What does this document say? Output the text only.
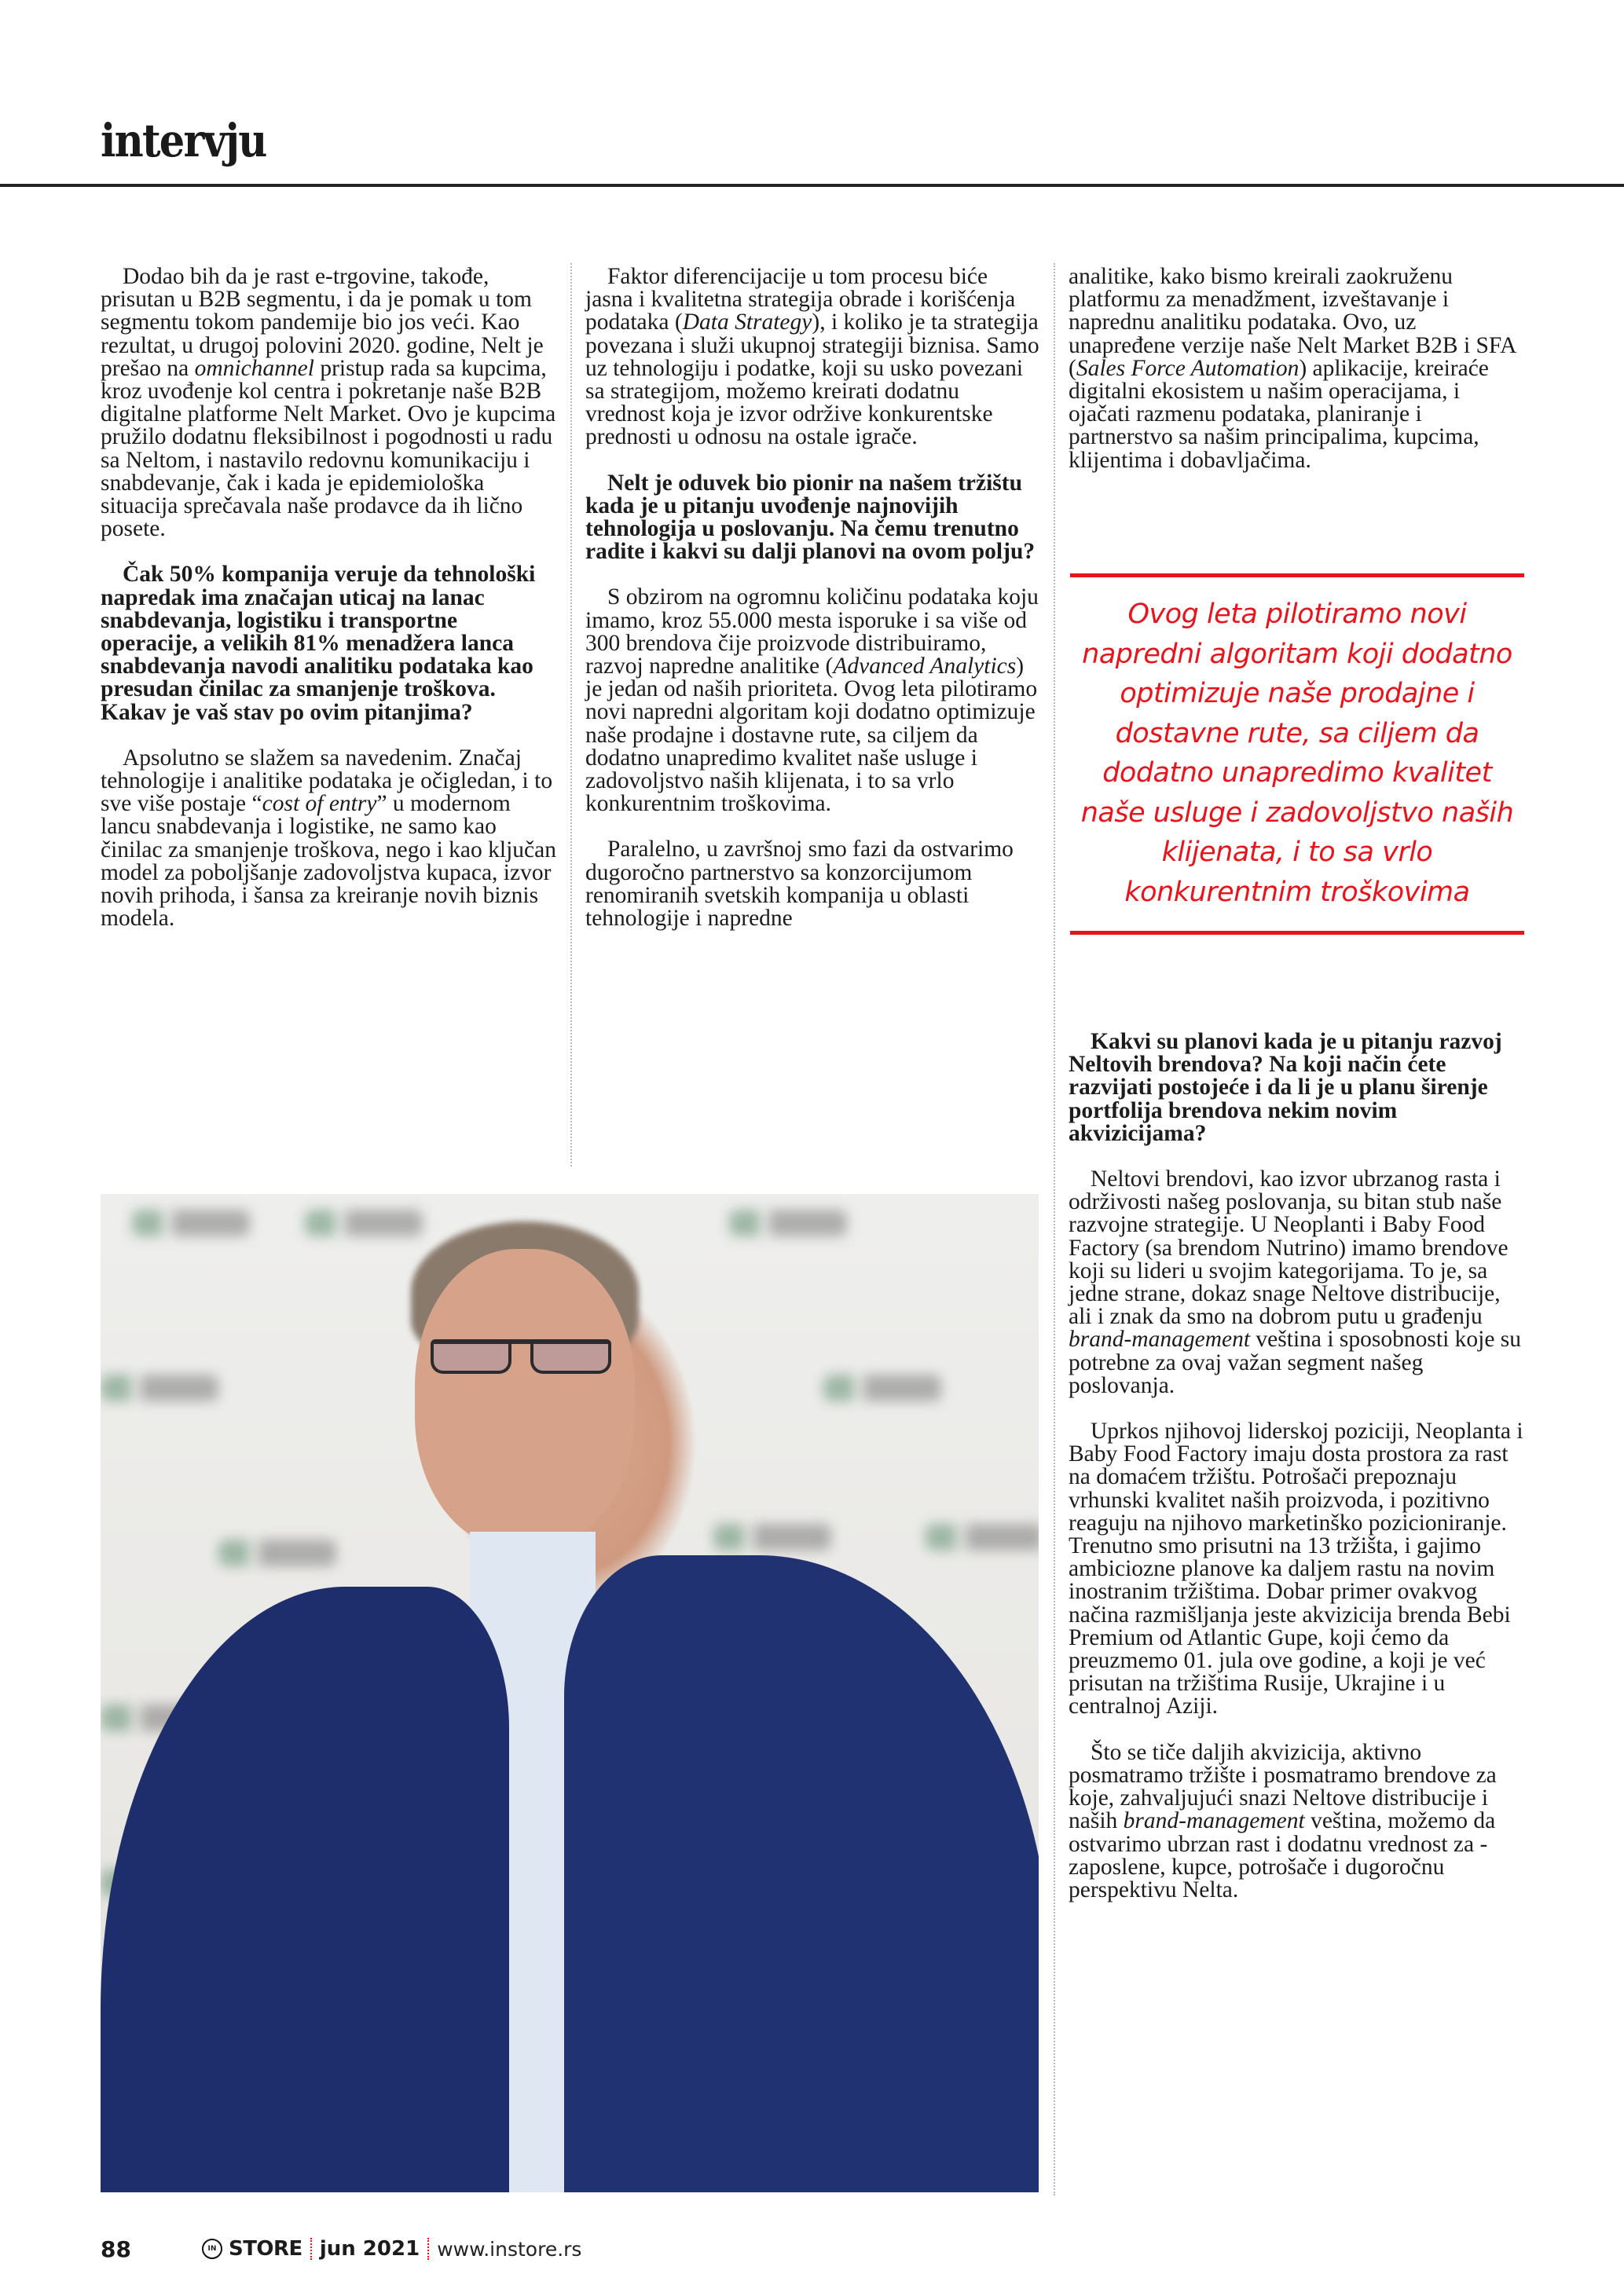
intervju

Dodao bih da je rast e-trgovine, takođe, prisutan u B2B segmentu, i da je pomak u tom segmentu tokom pandemije bio jos veći. Kao rezultat, u drugoj polovini 2020. godine, Nelt je prešao na omnichannel pristup rada sa kupcima, kroz uvođenje kol centra i pokretanje naše B2B digitalne platforme Nelt Market. Ovo je kupcima pružilo dodatnu fleksibilnost i pogodnosti u radu sa Neltom, i nastavilo redovnu komunikaciju i snabdevanje, čak i kada je epidemiološka situacija sprečavala naše prodavce da ih lično posete.

Čak 50% kompanija veruje da tehnološki napredak ima značajan uticaj na lanac snabdevanja, logistiku i transportne operacije, a velikih 81% menadžera lanca snabdevanja navodi analitiku podataka kao presudan činilac za smanjenje troškova. Kakav je vaš stav po ovim pitanjima?

Apsolutno se slažem sa navedenim. Značaj tehnologije i analitike podataka je očigledan, i to sve više postaje “cost of entry” u modernom lancu snabdevanja i logistike, ne samo kao činilac za smanjenje troškova, nego i kao ključan model za poboljšanje zadovoljstva kupaca, izvor novih prihoda, i šansa za kreiranje novih biznis modela.

Faktor diferencijacije u tom procesu biće jasna i kvalitetna strategija obrade i korišćenja podataka (Data Strategy), i koliko je ta strategija povezana i služi ukupnoj strategiji biznisa. Samo uz tehnologiju i podatke, koji su usko povezani sa strategijom, možemo kreirati dodatnu vrednost koja je izvor održive konkurentske prednosti u odnosu na ostale igrače.

Nelt je oduvek bio pionir na našem tržištu kada je u pitanju uvođenje najnovijih tehnologija u poslovanju. Na čemu trenutno radite i kakvi su dalji planovi na ovom polju?

S obzirom na ogromnu količinu podataka koju imamo, kroz 55.000 mesta isporuke i sa više od 300 brendova čije proizvode distribuiramo, razvoj napredne analitike (Advanced Analytics) je jedan od naših prioriteta. Ovog leta pilotiramo novi napredni algoritam koji dodatno optimizuje naše prodajne i dostavne rute, sa ciljem da dodatno unapredimo kvalitet naše usluge i zadovoljstvo naših klijenata, i to sa vrlo konkurentnim troškovima.

Paralelno, u završnoj smo fazi da ostvarimo dugoročno partnerstvo sa konzorcijumom renomiranih svetskih kompanija u oblasti tehnologije i napredne

analitike, kako bismo kreirali zaokruženu platformu za menadžment, izveštavanje i naprednu analitiku podataka. Ovo, uz unapređene verzije naše Nelt Market B2B i SFA (Sales Force Automation) aplikacije, kreiraće digitalni ekosistem u našim operacijama, i ojačati razmenu podataka, planiranje i partnerstvo sa našim principalima, kupcima, klijentima i dobavljačima.

Ovog leta pilotiramo novi napredni algoritam koji dodatno optimizuje naše prodajne i dostavne rute, sa ciljem da dodatno unapredimo kvalitet naše usluge i zadovoljstvo naših klijenata, i to sa vrlo konkurentnim troškovima

Kakvi su planovi kada je u pitanju razvoj Neltovih brendova? Na koji način ćete razvijati postojeće i da li je u planu širenje portfolija brendova nekim novim akvizicijama?

Neltovi brendovi, kao izvor ubrzanog rasta i održivosti našeg poslovanja, su bitan stub naše razvojne strategije. U Neoplanti i Baby Food Factory (sa brendom Nutrino) imamo brendove koji su lideri u svojim kategorijama. To je, sa jedne strane, dokaz snage Neltove distribucije, ali i znak da smo na dobrom putu u građenju brand-management veština i sposobnosti koje su potrebne za ovaj važan segment našeg poslovanja.

Uprkos njihovoj liderskoj poziciji, Neoplanta i Baby Food Factory imaju dosta prostora za rast na domaćem tržištu. Potrošači prepoznaju vrhunski kvalitet naših proizvoda, i pozitivno reaguju na njihovo marketinško pozicioniranje. Trenutno smo prisutni na 13 tržišta, i gajimo ambiciozne planove ka daljem rastu na novim inostranim tržištima. Dobar primer ovakvog načina razmišljanja jeste akvizicija brenda Bebi Premium od Atlantic Gupe, koji ćemo da preuzmemo 01. jula ove godine, a koji je već prisutan na tržištima Rusije, Ukrajine i u centralnoj Aziji.

Što se tiče daljih akvizicija, aktivno posmatramo tržište i posmatramo brendove za koje, zahvaljujući snazi Neltove distribucije i naših brand-management veština, možemo da ostvarimo ubrzan rast i dodatnu vrednost za - zaposlene, kupce, potrošače i dugoročnu perspektivu Nelta.

88	IN STORE jun 2021 www.instore.rs
